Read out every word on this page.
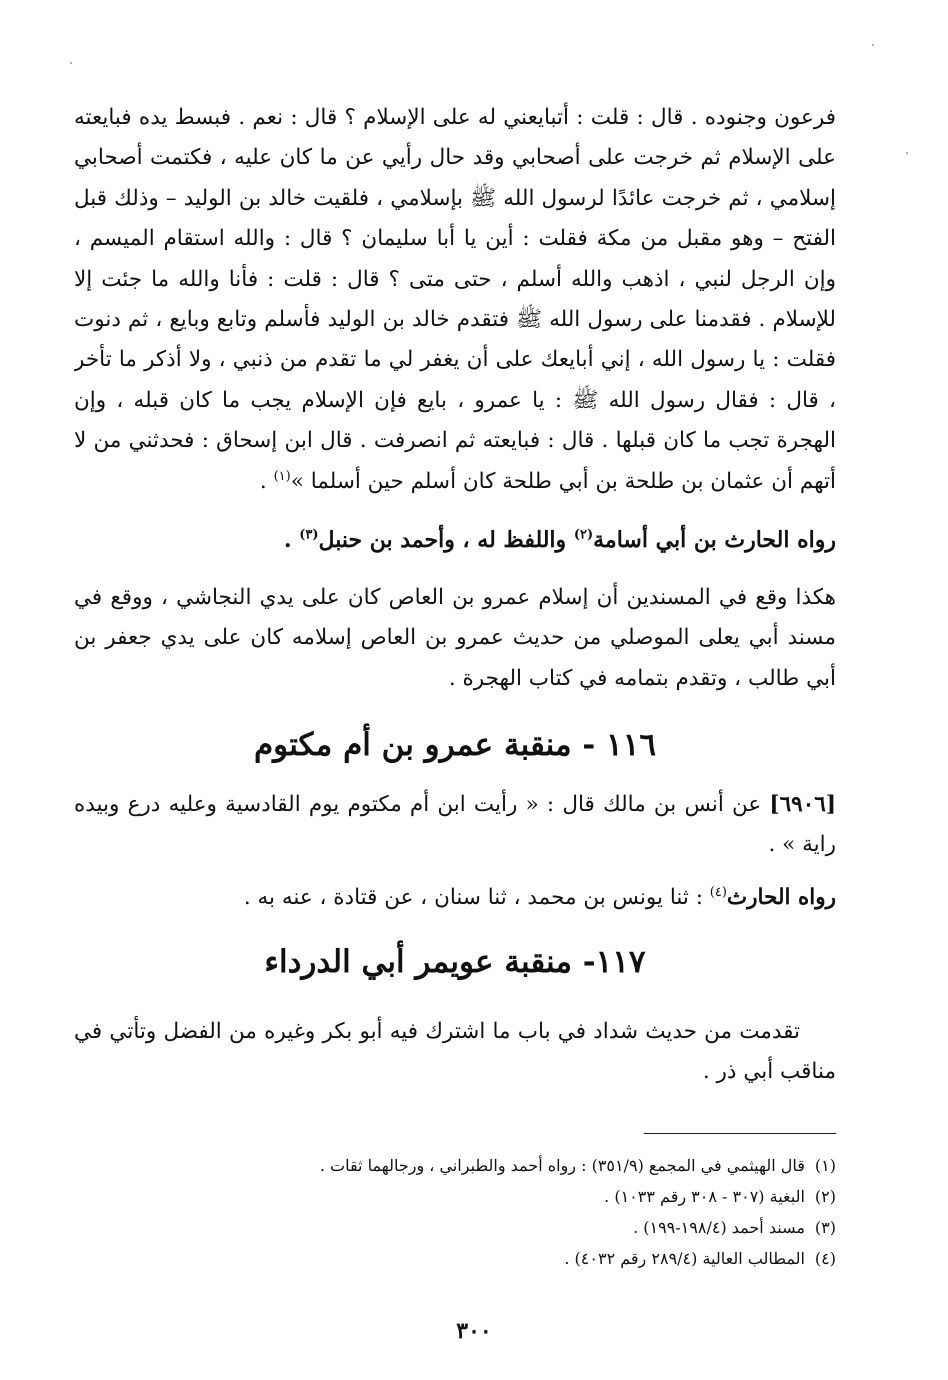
فرعون وجنوده . قال : قلت : أتبايعني له على الإسلام ؟ قال : نعم . فبسط يده فبايعته على الإسلام ثم خرجت على أصحابي وقد حال رأيي عن ما كان عليه ، فكتمت أصحابي إسلامي ، ثم خرجت عائدًا لرسول الله ﷺ بإسلامي ، فلقيت خالد بن الوليد – وذلك قبل الفتح – وهو مقبل من مكة فقلت : أين يا أبا سليمان ؟ قال : والله استقام الميسم ، وإن الرجل لنبي ، اذهب والله أسلم ، حتى متى ؟ قال : قلت : فأنا والله ما جئت إلا للإسلام . فقدمنا على رسول الله ﷺ فتقدم خالد بن الوليد فأسلم وتابع وبايع ، ثم دنوت فقلت : يا رسول الله ، إني أبايعك على أن يغفر لي ما تقدم من ذنبي ، ولا أذكر ما تأخر ، قال : فقال رسول الله ﷺ : يا عمرو ، بايع فإن الإسلام يجب ما كان قبله ، وإن الهجرة تجب ما كان قبلها . قال : فبايعته ثم انصرفت . قال ابن إسحاق : فحدثني من لا أتهم أن عثمان بن طلحة بن أبي طلحة كان أسلم حين أسلما »$^{(١)}$ .

رواه الحارث بن أبي أسامة$^{(٢)}$ واللفظ له ، وأحمد بن حنبل$^{(٣)}$ .

هكذا وقع في المسندين أن إسلام عمرو بن العاص كان على يدي النجاشي ، ووقع في مسند أبي يعلى الموصلي من حديث عمرو بن العاص إسلامه كان على يدي جعفر بن أبي طالب ، وتقدم بتمامه في كتاب الهجرة .

١١٦ - منقبة عمرو بن أم مكتوم

[٦٩٠٦] عن أنس بن مالك قال : « رأيت ابن أم مكتوم يوم القادسية وعليه درع وبيده راية » .

رواه الحارث$^{(٤)}$ : ثنا يونس بن محمد ، ثنا سنان ، عن قتادة ، عنه به .

١١٧- منقبة عويمر أبي الدرداء

تقدمت من حديث شداد في باب ما اشترك فيه أبو بكر وغيره من الفضل وتأتي في مناقب أبي ذر .

(١)قال الهيثمي في المجمع (٣٥١/٩) : رواه أحمد والطبراني ، ورجالهما ثقات .
(٢)البغية (٣٠٧ - ٣٠٨ رقم ١٠٣٣) .
(٣)مسند أحمد (١٩٨/٤-١٩٩) .
(٤)المطالب العالية (٢٨٩/٤ رقم ٤٠٣٢) .
٣٠٠
